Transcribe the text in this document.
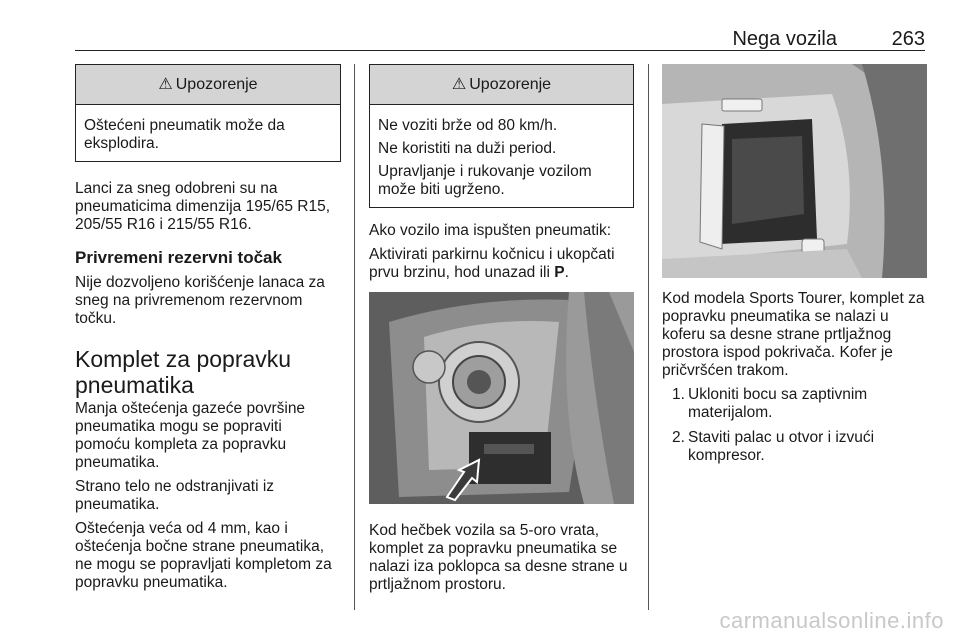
Nega vozila	263
⚠ Upozorenje

Oštećeni pneumatik može da eksplodira.

Lanci za sneg odobreni su na pneumaticima dimenzija 195/65 R15, 205/55 R16 i 215/55 R16.

Privremeni rezervni točak

Nije dozvoljeno korišćenje lanaca za sneg na privremenom rezervnom točku.

Komplet za popravku pneumatika

Manja oštećenja gazeće površine pneumatika mogu se popraviti pomoću kompleta za popravku pneumatika.

Strano telo ne odstranjivati iz pneumatika.

Oštećenja veća od 4 mm, kao i oštećenja bočne strane pneumatika, ne mogu se popravljati kompletom za popravku pneumatika.

⚠ Upozorenje

Ne voziti brže od 80 km/h.

Ne koristiti na duži period.

Upravljanje i rukovanje vozilom može biti ugrženo.

Ako vozilo ima ispušten pneumatik:

Aktivirati parkirnu kočnicu i ukopčati prvu brzinu, hod unazad ili P.

Kod hečbek vozila sa 5-oro vrata, komplet za popravku pneumatika se nalazi iza poklopca sa desne strane u prtljažnom prostoru.

Kod modela Sports Tourer, komplet za popravku pneumatika se nalazi u koferu sa desne strane prtljažnog prostora ispod pokrivača. Kofer je pričvršćen trakom.

1. Ukloniti bocu sa zaptivnim materijalom.
2. Staviti palac u otvor i izvući kompresor.
carmanualsonline.info
